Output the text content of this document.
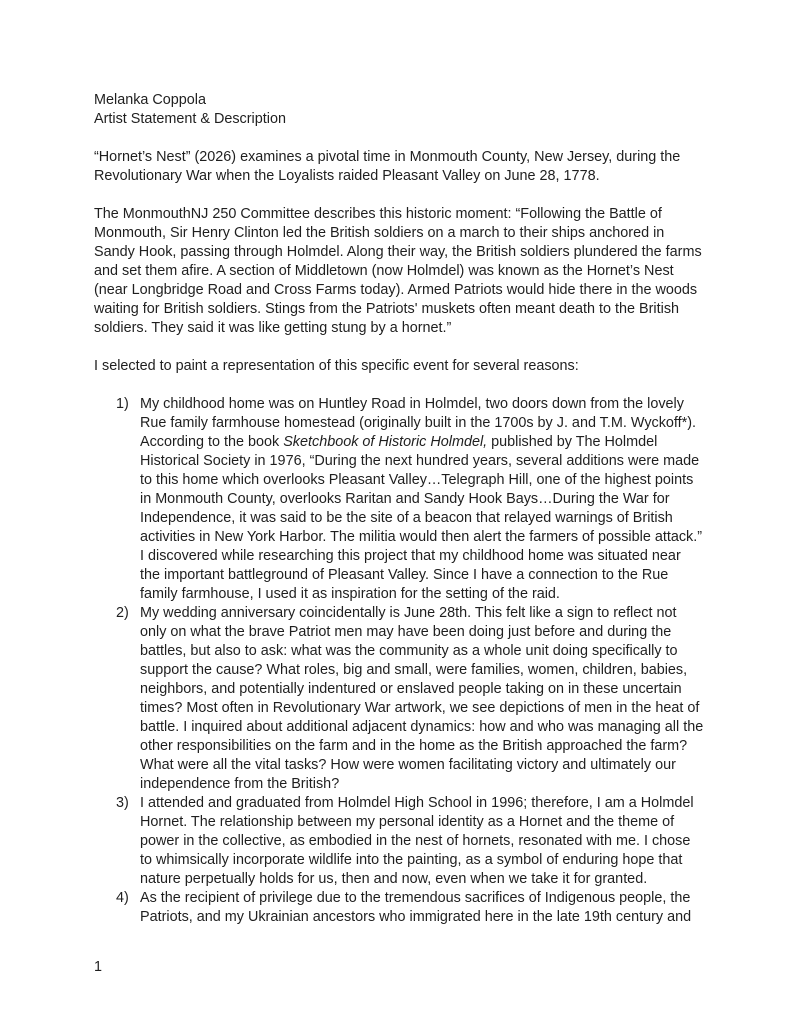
Melanka Coppola

Artist Statement & Description

“Hornet’s Nest” (2026) examines a pivotal time in Monmouth County, New Jersey, during the Revolutionary War when the Loyalists raided Pleasant Valley on June 28, 1778.

The MonmouthNJ 250 Committee describes this historic moment: “Following the Battle of Monmouth, Sir Henry Clinton led the British soldiers on a march to their ships anchored in Sandy Hook, passing through Holmdel. Along their way, the British soldiers plundered the farms and set them afire. A section of Middletown (now Holmdel) was known as the Hornet’s Nest (near Longbridge Road and Cross Farms today). Armed Patriots would hide there in the woods waiting for British soldiers. Stings from the Patriots' muskets often meant death to the British soldiers. They said it was like getting stung by a hornet.”

I selected to paint a representation of this specific event for several reasons:

1) My childhood home was on Huntley Road in Holmdel, two doors down from the lovely Rue family farmhouse homestead (originally built in the 1700s by J. and T.M. Wyckoff*). According to the book Sketchbook of Historic Holmdel, published by The Holmdel Historical Society in 1976, “During the next hundred years, several additions were made to this home which overlooks Pleasant Valley…Telegraph Hill, one of the highest points in Monmouth County, overlooks Raritan and Sandy Hook Bays…During the War for Independence, it was said to be the site of a beacon that relayed warnings of British activities in New York Harbor. The militia would then alert the farmers of possible attack.” I discovered while researching this project that my childhood home was situated near the important battleground of Pleasant Valley. Since I have a connection to the Rue family farmhouse, I used it as inspiration for the setting of the raid.
2) My wedding anniversary coincidentally is June 28th. This felt like a sign to reflect not only on what the brave Patriot men may have been doing just before and during the battles, but also to ask: what was the community as a whole unit doing specifically to support the cause? What roles, big and small, were families, women, children, babies, neighbors, and potentially indentured or enslaved people taking on in these uncertain times? Most often in Revolutionary War artwork, we see depictions of men in the heat of battle. I inquired about additional adjacent dynamics: how and who was managing all the other responsibilities on the farm and in the home as the British approached the farm? What were all the vital tasks? How were women facilitating victory and ultimately our independence from the British?
3) I attended and graduated from Holmdel High School in 1996; therefore, I am a Holmdel Hornet. The relationship between my personal identity as a Hornet and the theme of power in the collective, as embodied in the nest of hornets, resonated with me. I chose to whimsically incorporate wildlife into the painting, as a symbol of enduring hope that nature perpetually holds for us, then and now, even when we take it for granted.
4) As the recipient of privilege due to the tremendous sacrifices of Indigenous people, the Patriots, and my Ukrainian ancestors who immigrated here in the late 19th century and
1
